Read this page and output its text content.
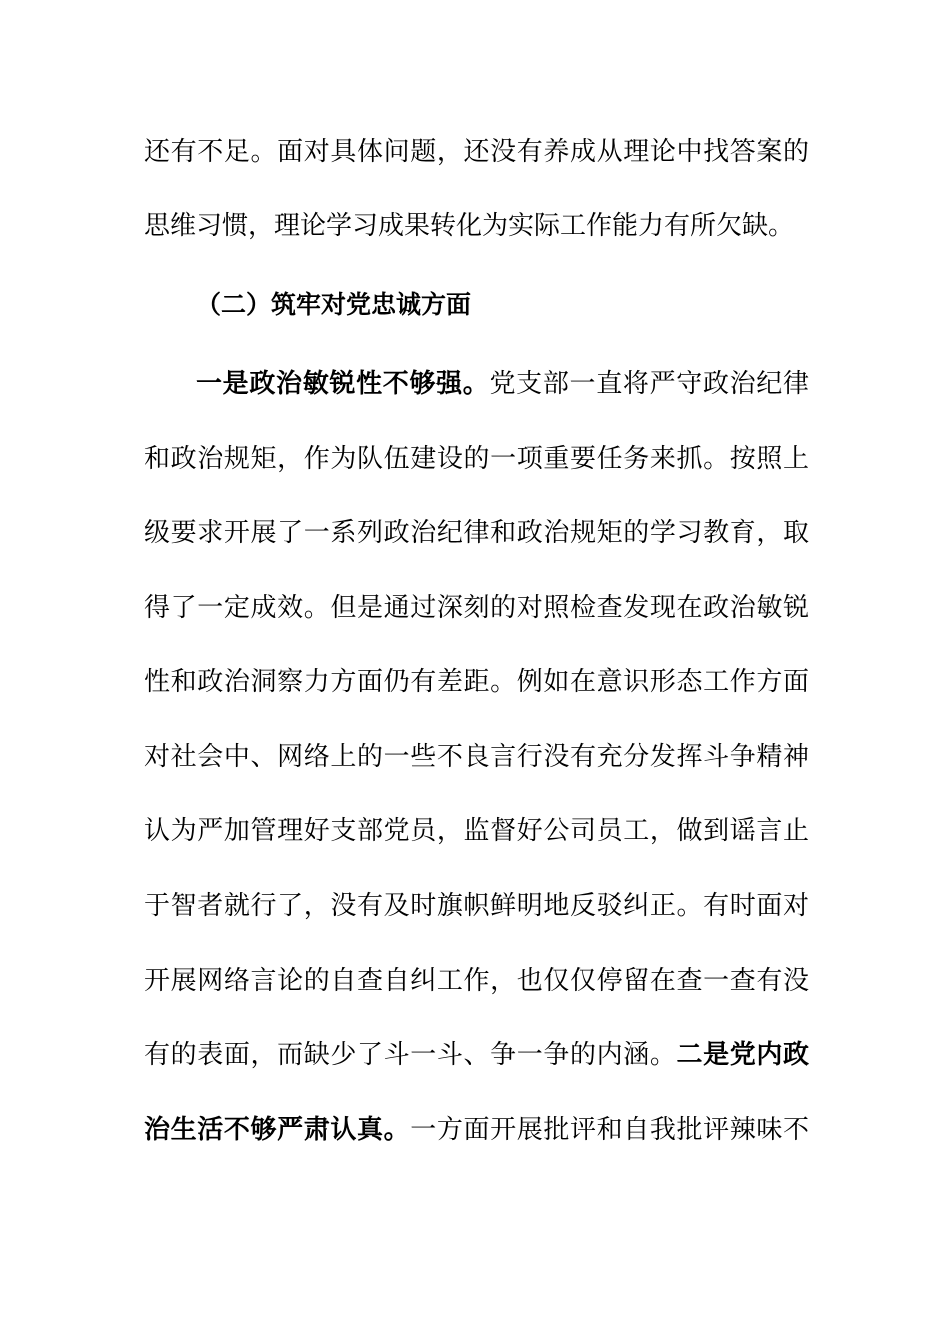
还有不足。面对具体问题，还没有养成从理论中找答案的
思维习惯，理论学习成果转化为实际工作能力有所欠缺。
（二）筑牢对党忠诚方面
一是政治敏锐性不够强。党支部一直将严守政治纪律
和政治规矩，作为队伍建设的一项重要任务来抓。按照上
级要求开展了一系列政治纪律和政治规矩的学习教育，取
得了一定成效。但是通过深刻的对照检查发现在政治敏锐
性和政治洞察力方面仍有差距。例如在意识形态工作方面
对社会中、网络上的一些不良言行没有充分发挥斗争精神
认为严加管理好支部党员，监督好公司员工，做到谣言止
于智者就行了，没有及时旗帜鲜明地反驳纠正。有时面对
开展网络言论的自查自纠工作，也仅仅停留在查一查有没
有的表面，而缺少了斗一斗、争一争的内涵。二是党内政
治生活不够严肃认真。一方面开展批评和自我批评辣味不
